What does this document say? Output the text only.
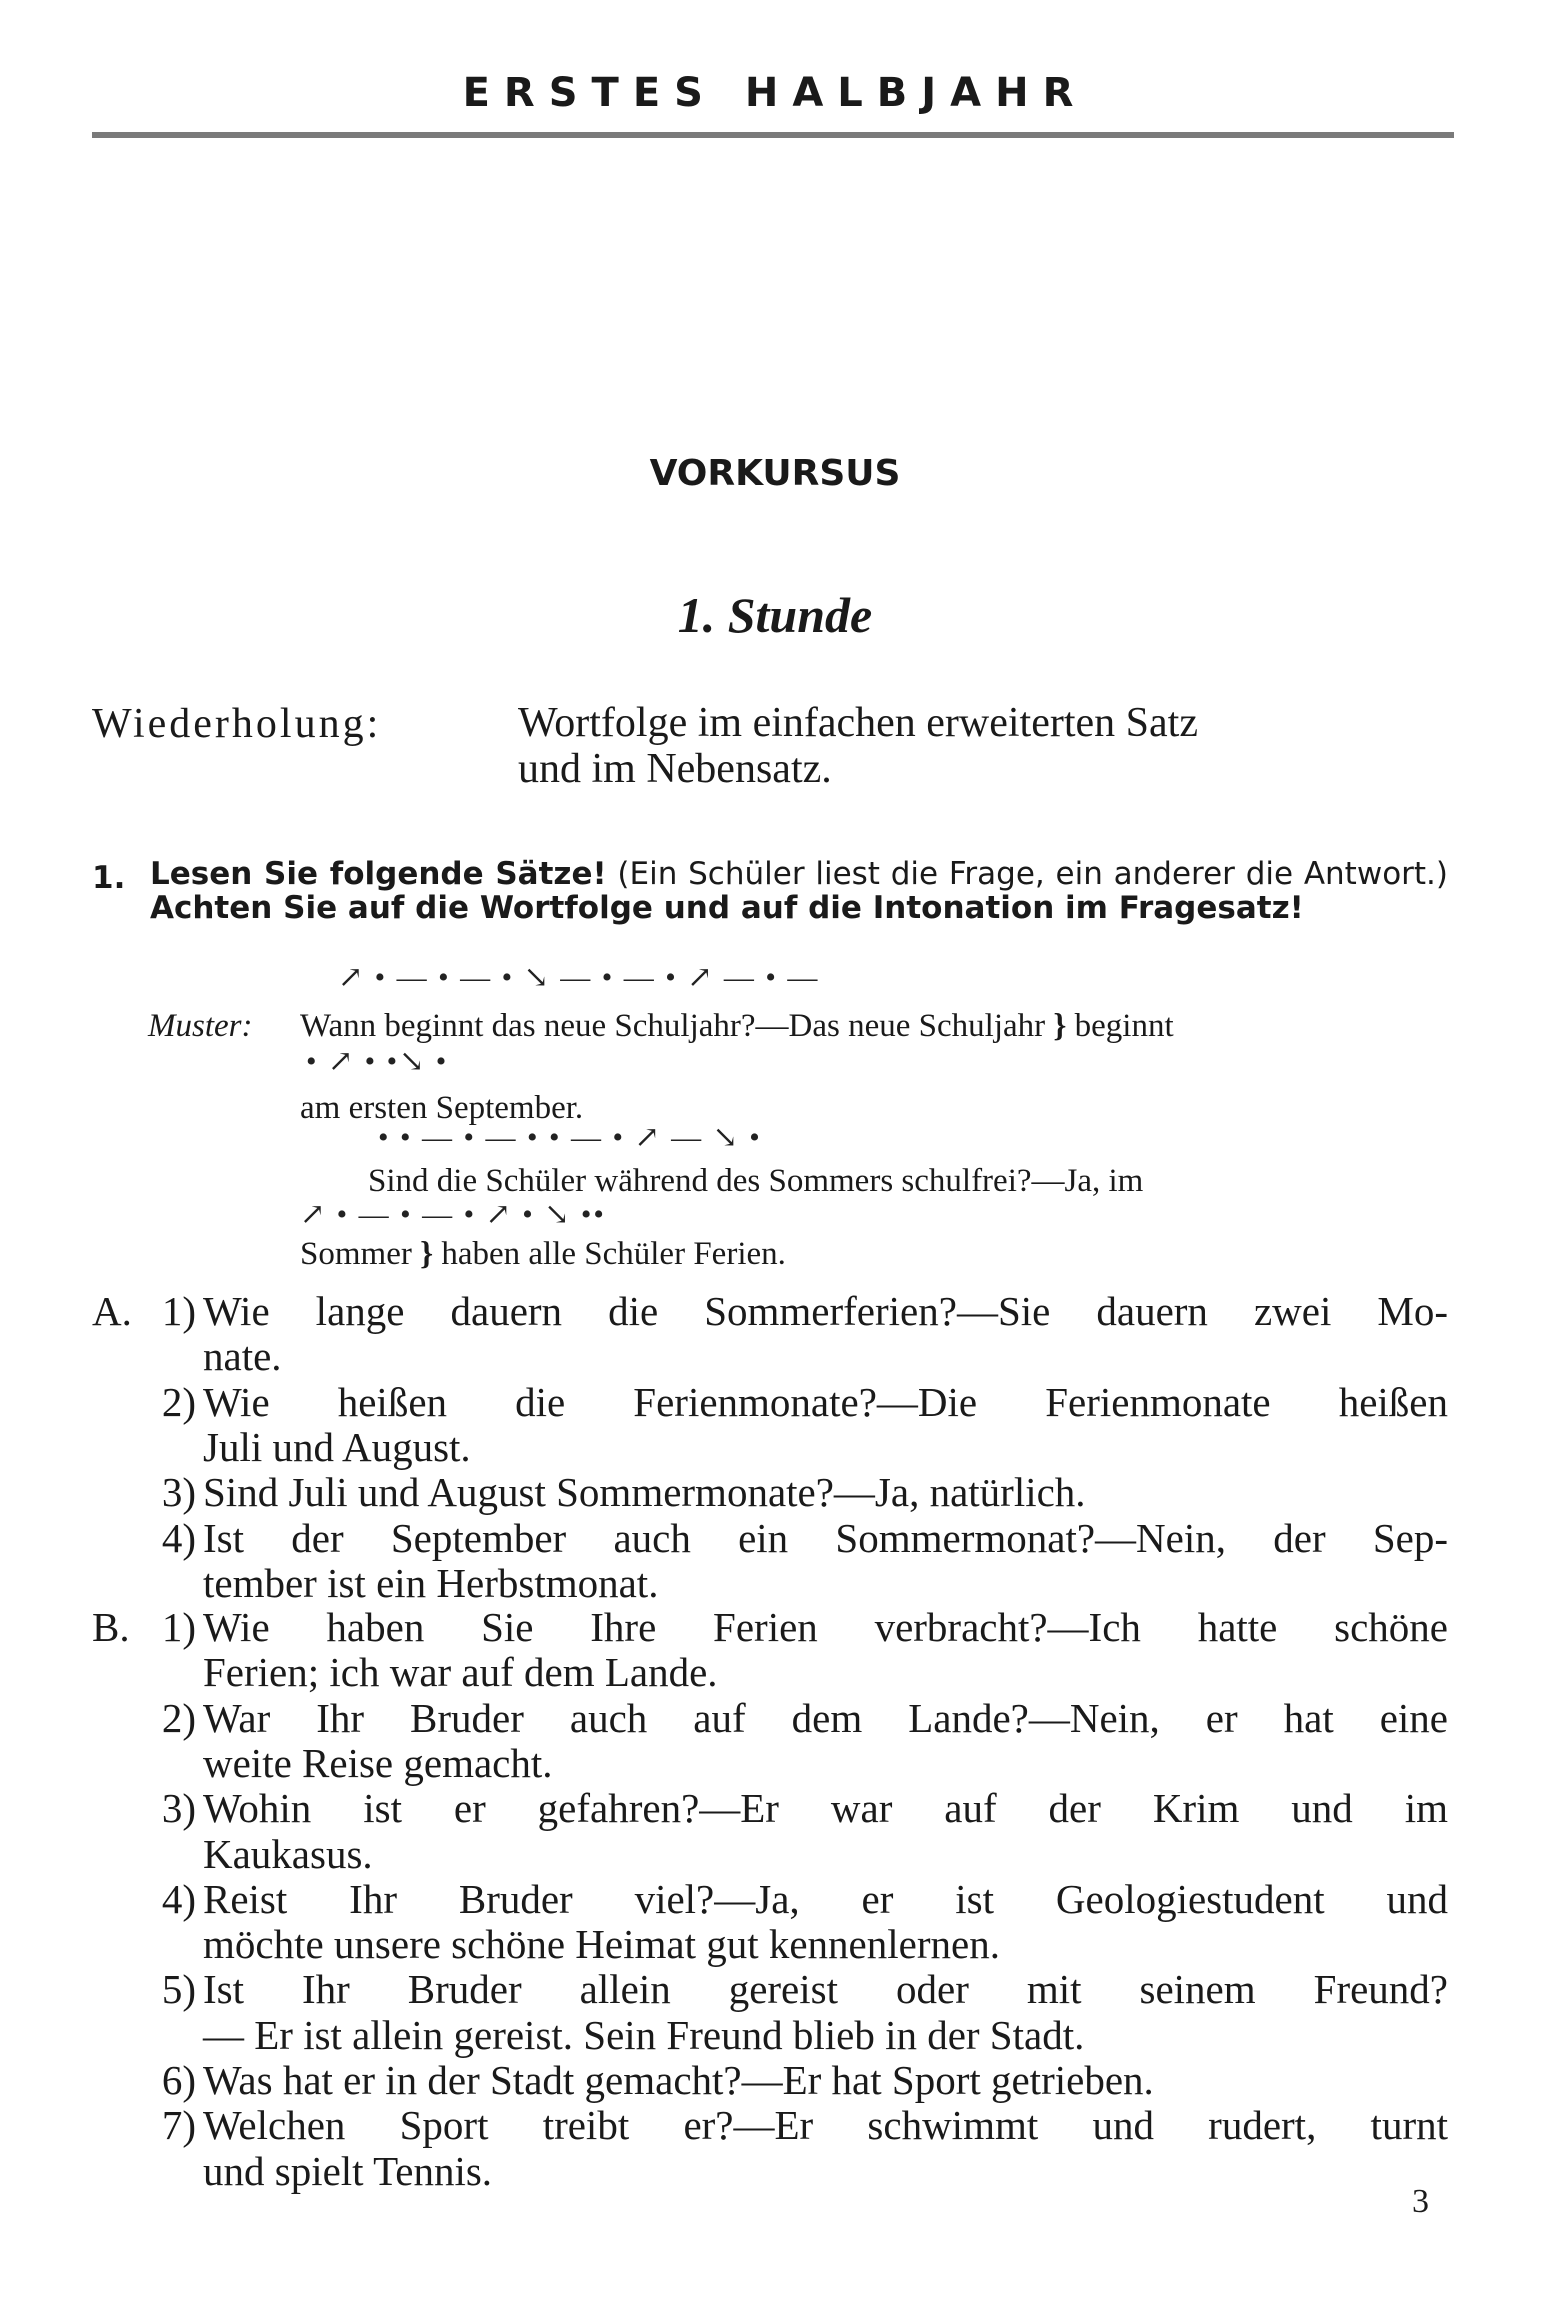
ERSTES HALBJAHR
VORKURSUS
1. Stunde
Wiederholung:	Wortfolge im einfachen erweiterten Satz
und im Nebensatz.
1. Lesen Sie folgende Sätze! (Ein Schüler liest die Frage, ein anderer die Antwort.) Achten Sie auf die Wortfolge und auf die Intonation im Fragesatz!
↗ • — • — • ↘ — • — • ↗ — • —
Muster: Wann beginnt das neue Schuljahr?—Das neue Schuljahr } beginnt
• ↗ • •↘ •
am ersten September.
• • — • — • • — • ↗ — ↘ •
Sind die Schüler während des Sommers schulfrei?—Ja, im
↗ • — • — • ↗ • ↘ ••
Sommer } haben alle Schüler Ferien.
A. 1) Wie lange dauern die Sommerferien?—Sie dauern zwei Mo-
nate.
2) Wie heißen die Ferienmonate?—Die Ferienmonate heißen
Juli und August.
3) Sind Juli und August Sommermonate?—Ja, natürlich.
4) Ist der September auch ein Sommermonat?—Nein, der Sep-
tember ist ein Herbstmonat.
B. 1) Wie haben Sie Ihre Ferien verbracht?—Ich hatte schöne
Ferien; ich war auf dem Lande.
2) War Ihr Bruder auch auf dem Lande?—Nein, er hat eine
weite Reise gemacht.
3) Wohin ist er gefahren?—Er war auf der Krim und im
Kaukasus.
4) Reist Ihr Bruder viel?—Ja, er ist Geologiestudent und
möchte unsere schöne Heimat gut kennenlernen.
5) Ist Ihr Bruder allein gereist oder mit seinem Freund?
— Er ist allein gereist. Sein Freund blieb in der Stadt.
6) Was hat er in der Stadt gemacht?—Er hat Sport getrieben.
7) Welchen Sport treibt er?—Er schwimmt und rudert, turnt
und spielt Tennis.
3
